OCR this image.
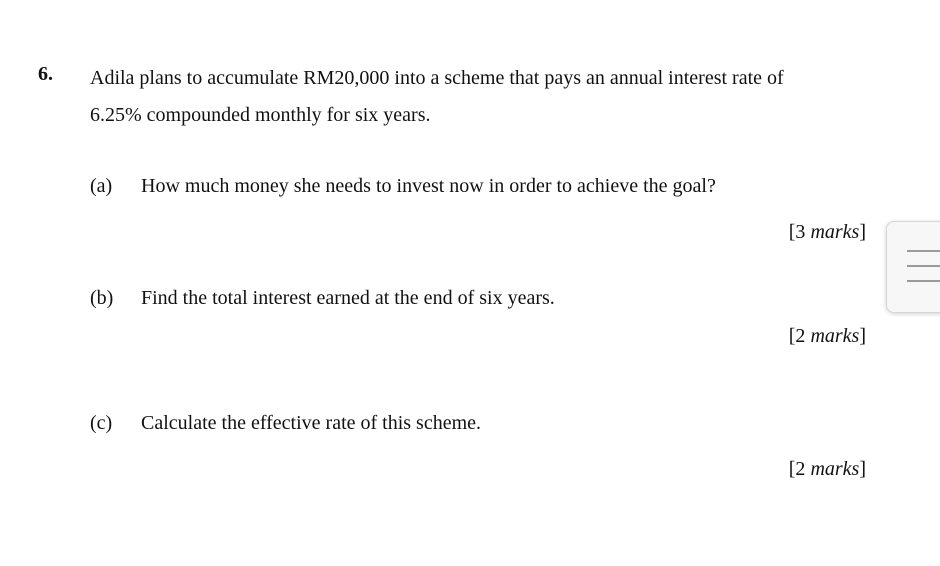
6. Adila plans to accumulate RM20,000 into a scheme that pays an annual interest rate of
6.25% compounded monthly for six years.
(a) How much money she needs to invest now in order to achieve the goal?
[3 marks]
(b) Find the total interest earned at the end of six years.
[2 marks]
(c) Calculate the effective rate of this scheme.
[2 marks]
